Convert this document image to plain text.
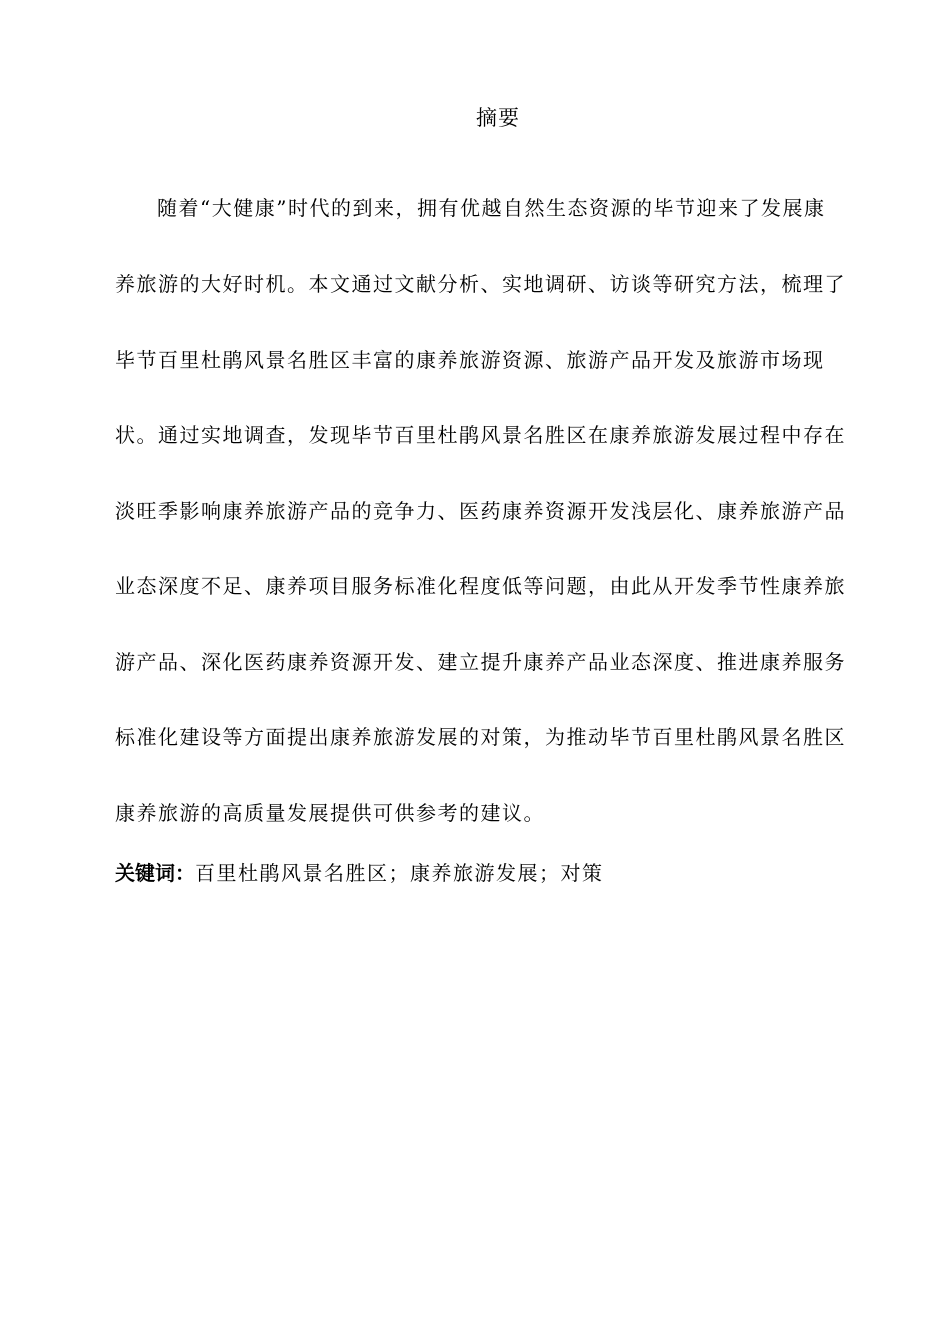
摘要
随着“大健康”时代的到来，拥有优越自然生态资源的毕节迎来了发展康
养旅游的大好时机。本文通过文献分析、实地调研、访谈等研究方法，梳理了
毕节百里杜鹃风景名胜区丰富的康养旅游资源、旅游产品开发及旅游市场现
状。通过实地调查，发现毕节百里杜鹃风景名胜区在康养旅游发展过程中存在
淡旺季影响康养旅游产品的竞争力、医药康养资源开发浅层化、康养旅游产品
业态深度不足、康养项目服务标准化程度低等问题，由此从开发季节性康养旅
游产品、深化医药康养资源开发、建立提升康养产品业态深度、推进康养服务
标准化建设等方面提出康养旅游发展的对策，为推动毕节百里杜鹃风景名胜区
康养旅游的高质量发展提供可供参考的建议。
关键词：百里杜鹃风景名胜区；康养旅游发展；对策
